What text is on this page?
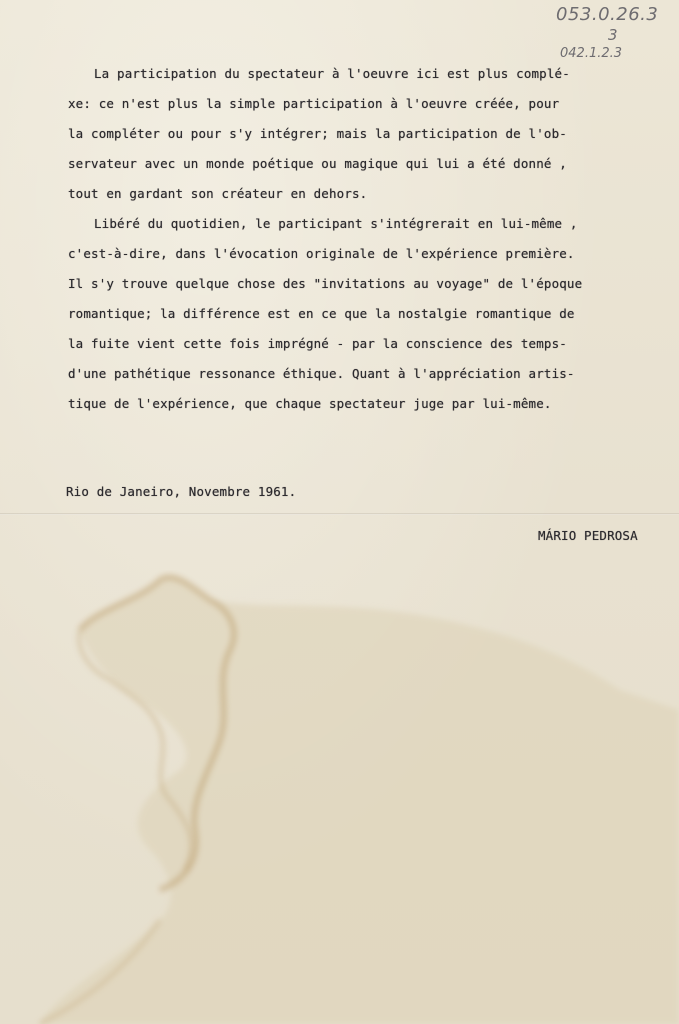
053.0.26.3
3
042.1.2.3

La participation du spectateur à l'oeuvre ici est plus complé-

xe: ce n'est plus la simple participation à l'oeuvre créée, pour

la compléter ou pour s'y intégrer; mais la participation de l'ob-

servateur avec un monde poétique ou magique qui lui a été donné ,

tout en gardant son créateur en dehors.

Libéré du quotidien, le participant s'intégrerait en lui-même ,

c'est-à-dire, dans l'évocation originale de l'expérience première.

Il s'y trouve quelque chose des "invitations au voyage" de l'époque

romantique; la différence est en ce que la nostalgie romantique de

la fuite vient cette fois imprégné - par la conscience des temps-

d'une pathétique ressonance éthique. Quant à l'appréciation artis-

tique de l'expérience, que chaque spectateur juge par lui-même.

Rio de Janeiro, Novembre 1961.
MÁRIO PEDROSA
